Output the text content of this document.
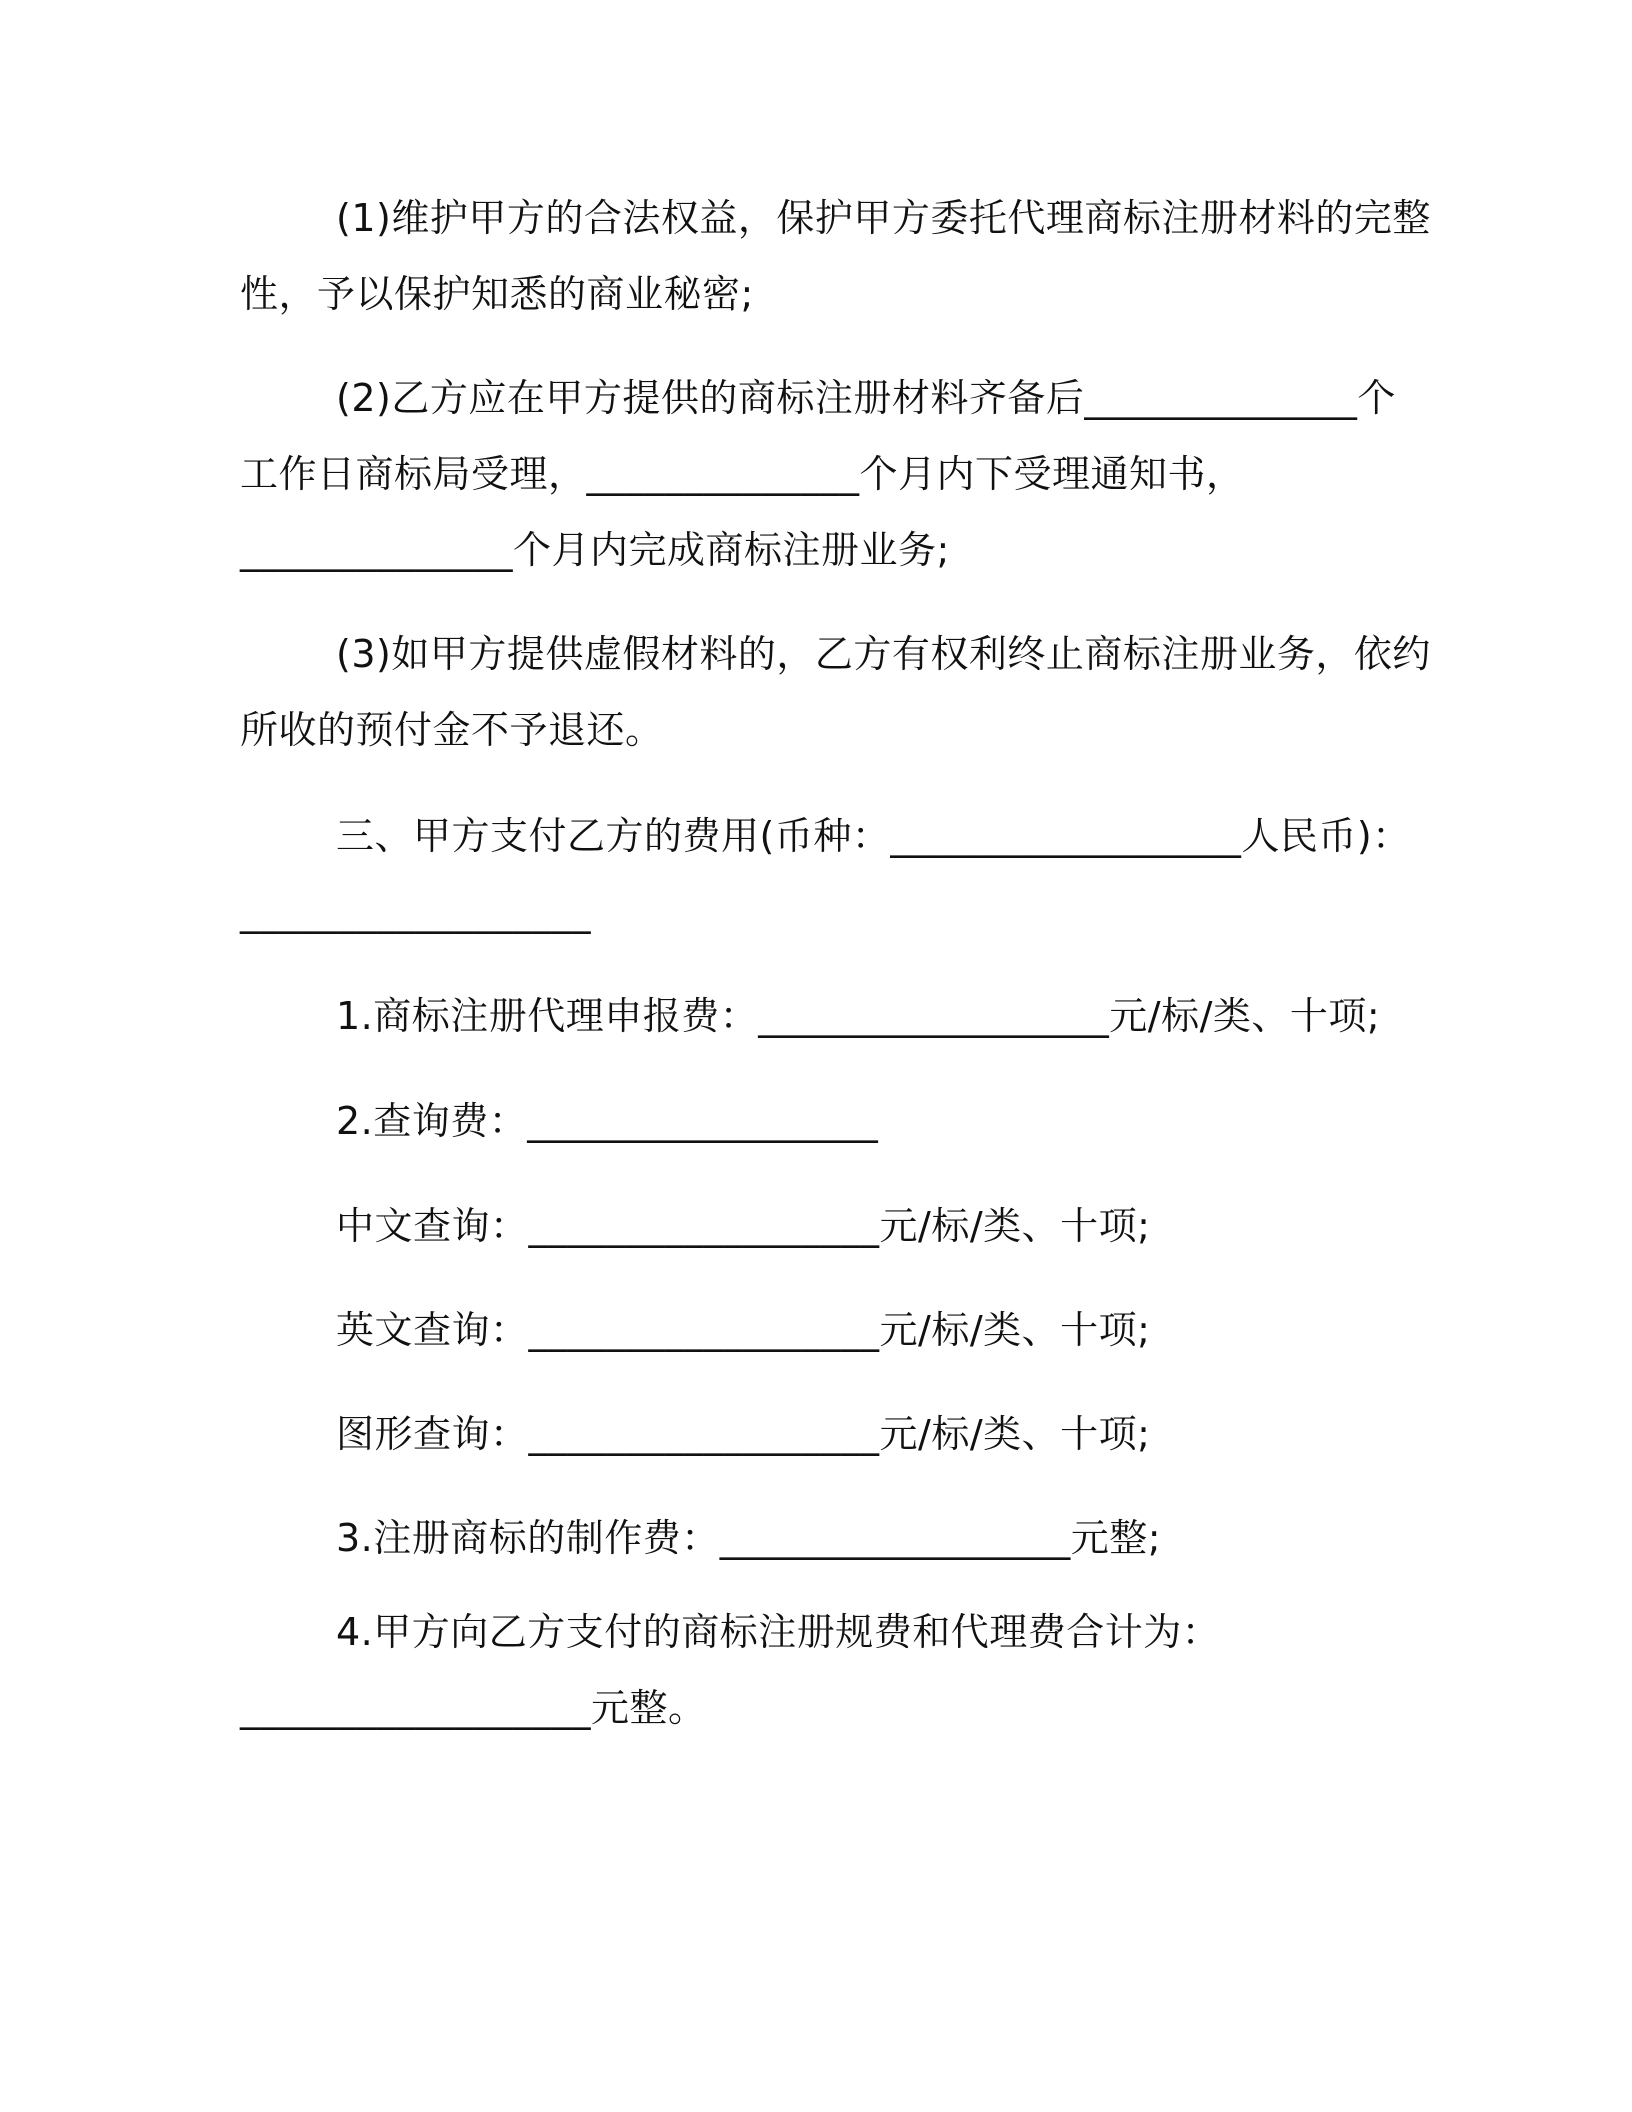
(1)维护甲方的合法权益，保护甲方委托代理商标注册材料的完整
性，予以保护知悉的商业秘密;
(2)乙方应在甲方提供的商标注册材料齐备后______________个
工作日商标局受理，______________个月内下受理通知书，
______________个月内完成商标注册业务;
(3)如甲方提供虚假材料的，乙方有权利终止商标注册业务，依约
所收的预付金不予退还。
三、甲方支付乙方的费用(币种：__________________人民币)：
__________________
1.商标注册代理申报费：__________________元/标/类、十项;
2.查询费：__________________
中文查询：__________________元/标/类、十项;
英文查询：__________________元/标/类、十项;
图形查询：__________________元/标/类、十项;
3.注册商标的制作费：__________________元整;
4.甲方向乙方支付的商标注册规费和代理费合计为：
__________________元整。
